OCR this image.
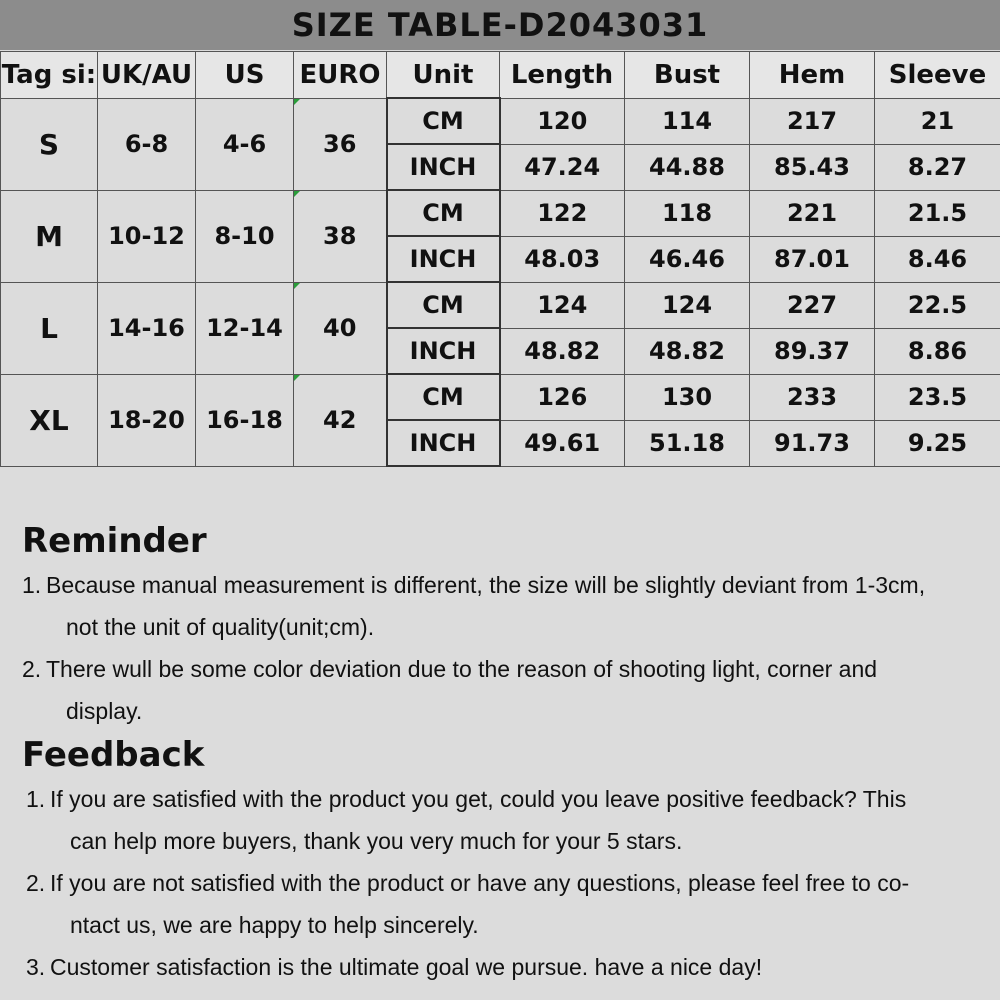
SIZE TABLE-D2043031
Tag si:	UK/AU	US	EURO	Unit	Length	Bust	Hem	Sleeve
S	6-8	4-6	36	CM	120	114	217	21
				INCH	47.24	44.88	85.43	8.27
M	10-12	8-10	38	CM	122	118	221	21.5
				INCH	48.03	46.46	87.01	8.46
L	14-16	12-14	40	CM	124	124	227	22.5
				INCH	48.82	48.82	89.37	8.86
XL	18-20	16-18	42	CM	126	130	233	23.5
				INCH	49.61	51.18	91.73	9.25
Reminder
1. Because manual measurement is different, the size will be slightly deviant from 1-3cm,
not the unit of quality(unit;cm).
2. There wull be some color deviation due to the reason of shooting light, corner and
display.
Feedback
1. If you are satisfied with the product you get, could you leave positive feedback? This
can help more buyers, thank you very much for your 5 stars.
2. If you are not satisfied with the product or have any questions, please feel free to co-
ntact us, we are happy to help sincerely.
3. Customer satisfaction is the ultimate goal we pursue. have a nice day!
